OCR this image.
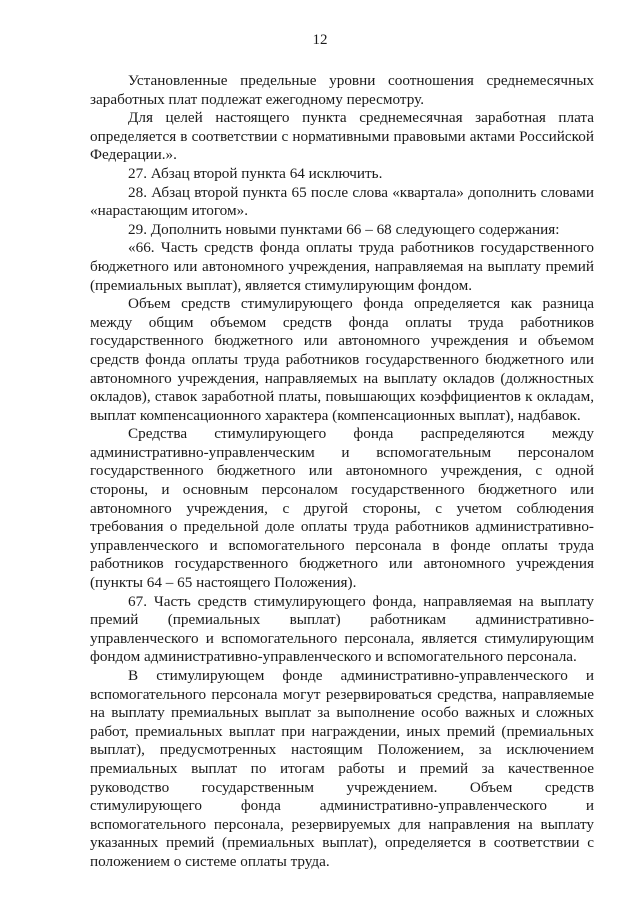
12

Установленные предельные уровни соотношения среднемесячных заработных плат подлежат ежегодному пересмотру.

Для целей настоящего пункта среднемесячная заработная плата определяется в соответствии с нормативными правовыми актами Российской Федерации.».

27. Абзац второй пункта 64 исключить.

28. Абзац второй пункта 65 после слова «квартала» дополнить словами «нарастающим итогом».

29. Дополнить новыми пунктами 66 – 68 следующего содержания:

«66. Часть средств фонда оплаты труда работников государственного бюджетного или автономного учреждения, направляемая на выплату премий (премиальных выплат), является стимулирующим фондом.

Объем средств стимулирующего фонда определяется как разница между общим объемом средств фонда оплаты труда работников государственного бюджетного или автономного учреждения и объемом средств фонда оплаты труда работников государственного бюджетного или автономного учреждения, направляемых на выплату окладов (должностных окладов), ставок заработной платы, повышающих коэффициентов к окладам, выплат компенсационного характера (компенсационных выплат), надбавок.

Средства стимулирующего фонда распределяются между административно-управленческим и вспомогательным персоналом государственного бюджетного или автономного учреждения, с одной стороны, и основным персоналом государственного бюджетного или автономного учреждения, с другой стороны, с учетом соблюдения требования о предельной доле оплаты труда работников административно-управленческого и вспомогательного персонала в фонде оплаты труда работников государственного бюджетного или автономного учреждения (пункты 64 – 65 настоящего Положения).

67. Часть средств стимулирующего фонда, направляемая на выплату премий (премиальных выплат) работникам административно-управленческого и вспомогательного персонала, является стимулирующим фондом административно-управленческого и вспомогательного персонала.

В стимулирующем фонде административно-управленческого и вспомогательного персонала могут резервироваться средства, направляемые на выплату премиальных выплат за выполнение особо важных и сложных работ, премиальных выплат при награждении, иных премий (премиальных выплат), предусмотренных настоящим Положением, за исключением премиальных выплат по итогам работы и премий за качественное руководство государственным учреждением. Объем средств стимулирующего фонда административно-управленческого и вспомогательного персонала, резервируемых для направления на выплату указанных премий (премиальных выплат), определяется в соответствии с положением о системе оплаты труда.
